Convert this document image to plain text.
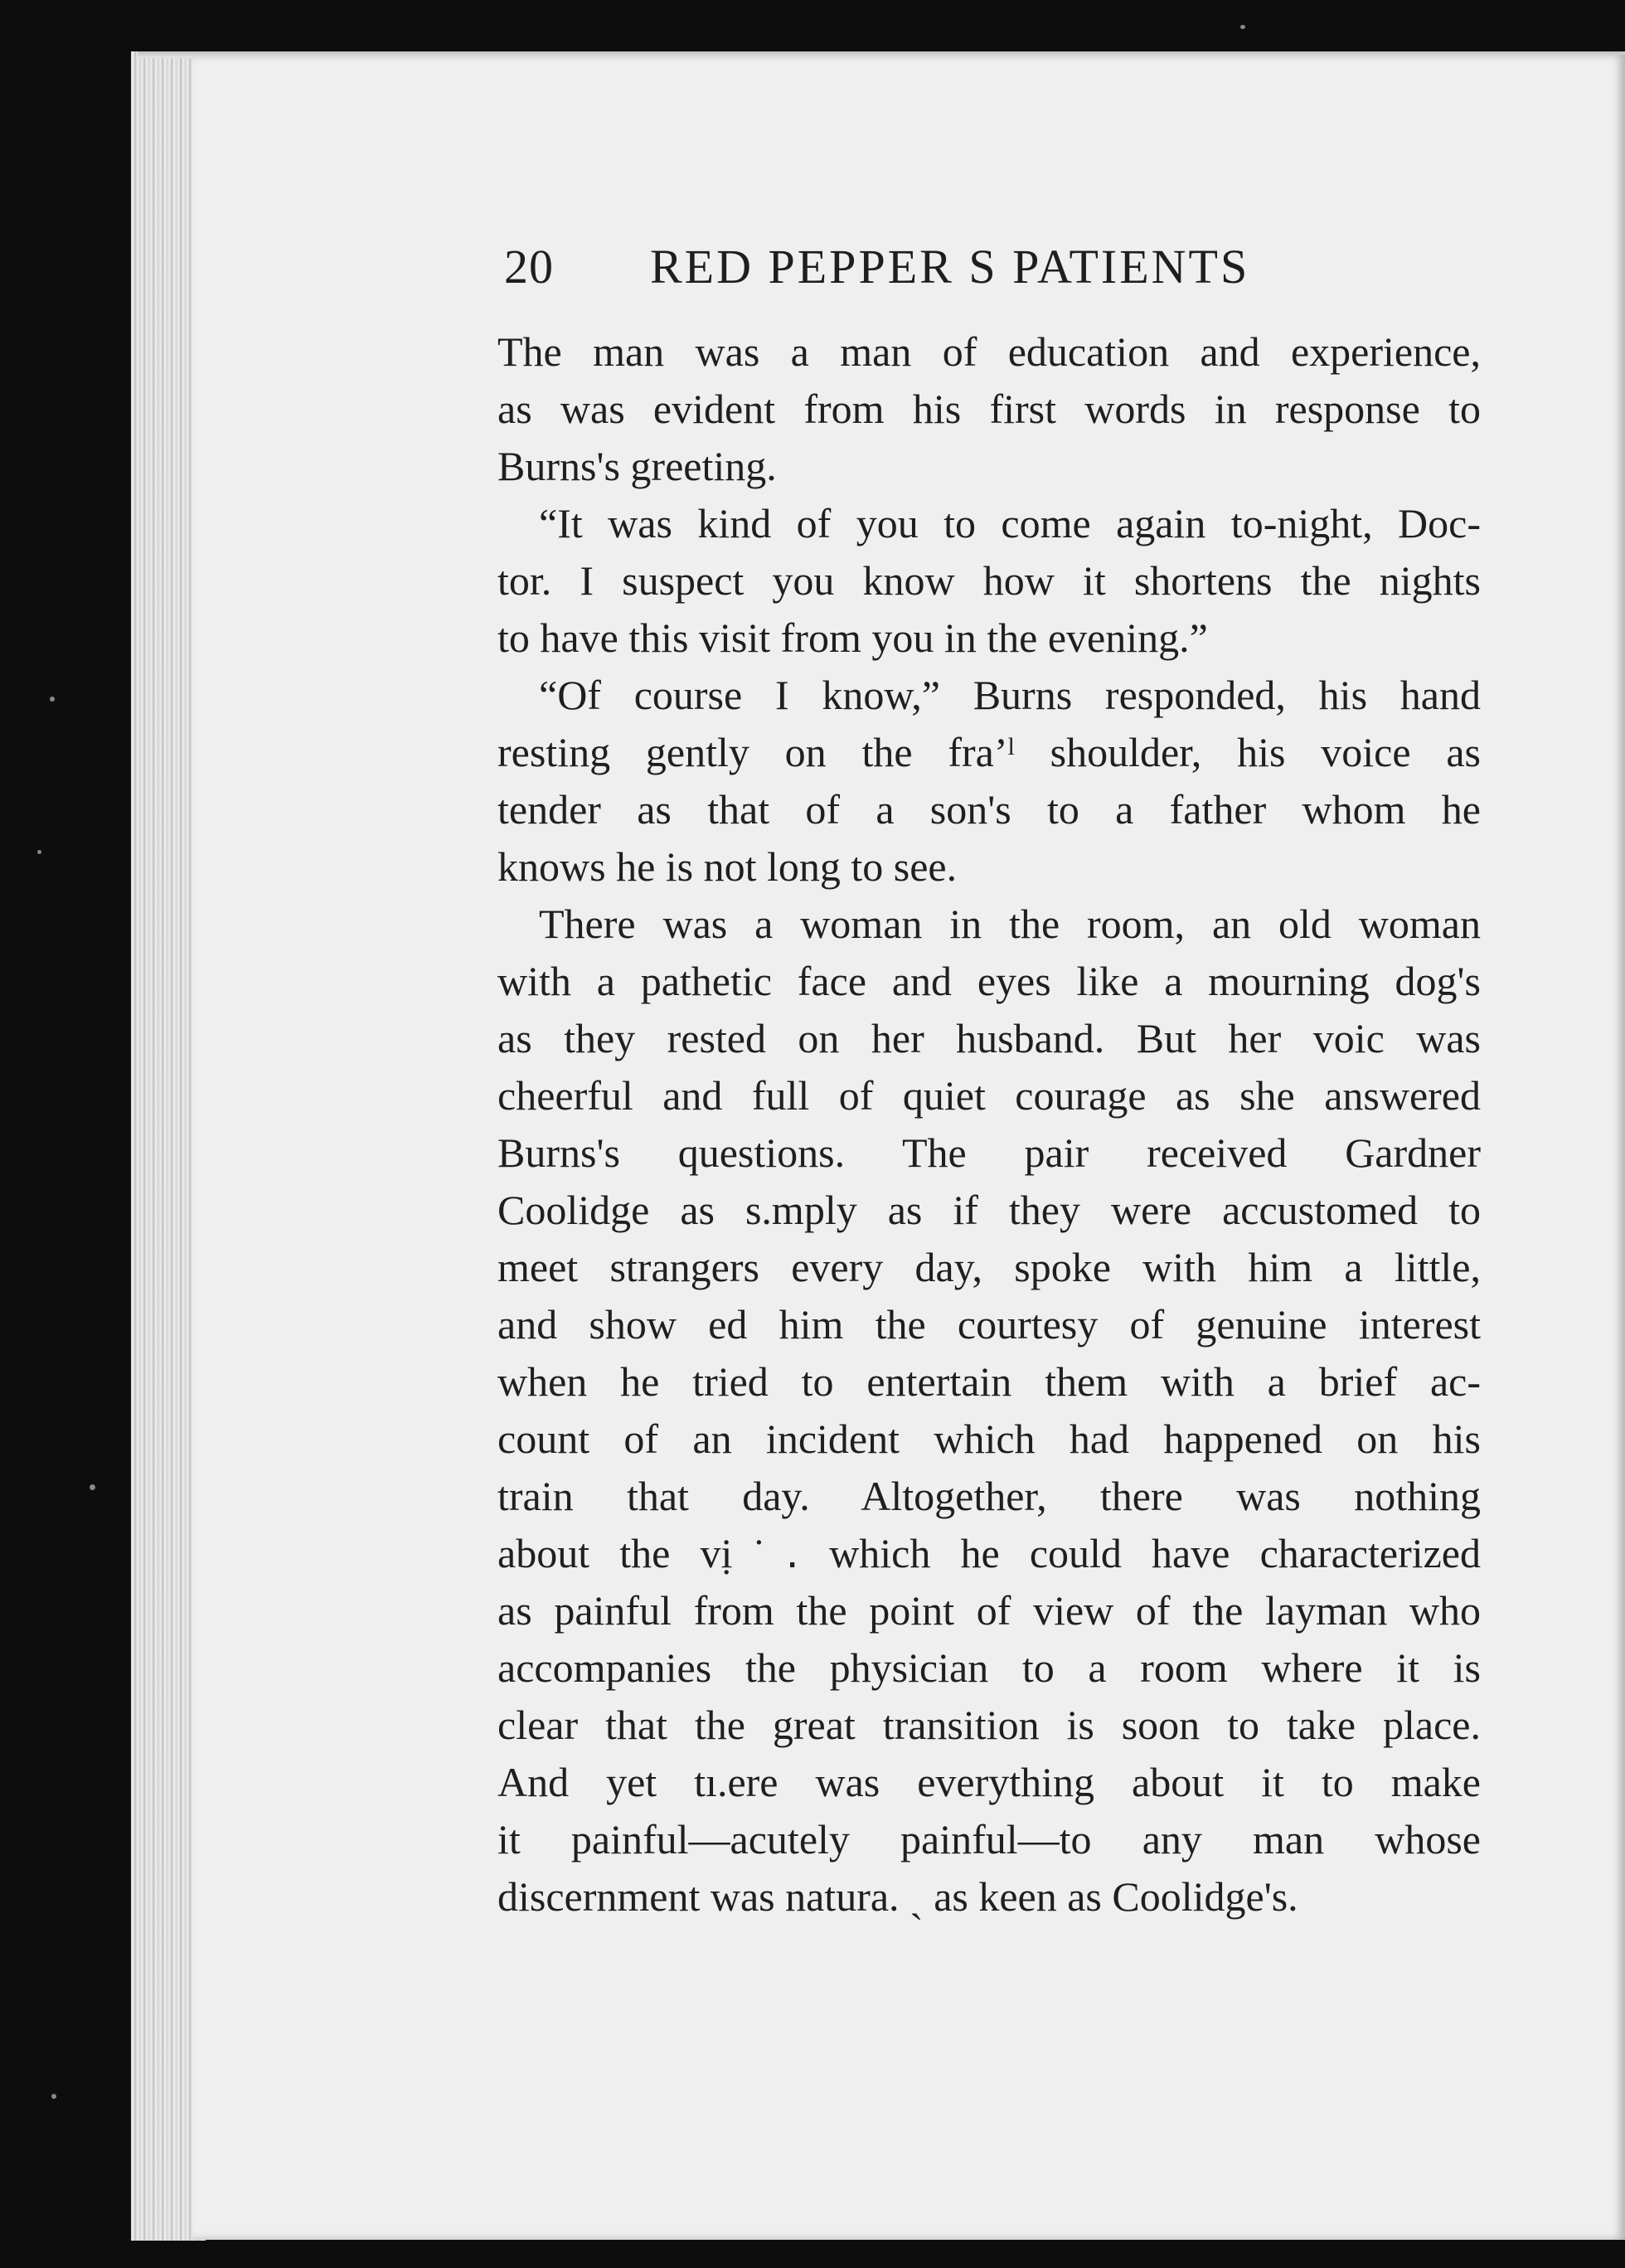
20 RED PEPPER S PATIENTS
The man was a man of education and experience,
as was evident from his first words in response to
Burns's greeting.
“It was kind of you to come again to-night, Doc-
tor. I suspect you know how it shortens the nights
to have this visit from you in the evening.”
“Of course I know,” Burns responded, his hand
resting gently on the fra’ˡ shoulder, his voice as
tender as that of a son's to a father whom he
knows he is not long to see.
There was a woman in the room, an old woman
with a pathetic face and eyes like a mourning dog's
as they rested on her husband. But her voic was
cheerful and full of quiet courage as she answered
Burns's questions. The pair received Gardner
Coolidge as s.mply as if they were accustomed to
meet strangers every day, spoke with him a little,
and show ed him the courtesy of genuine interest
when he tried to entertain them with a brief ac-
count of an incident which had happened on his
train that day. Altogether, there was nothing
about the vị˙․ which he could have characterized
as painful from the point of view of the layman who
accompanies the physician to a room where it is
clear that the great transition is soon to take place.
And yet tı.ere was everything about it to make
it painful—acutely painful—to any man whose
discernment was natura. ˏ as keen as Coolidge's.
